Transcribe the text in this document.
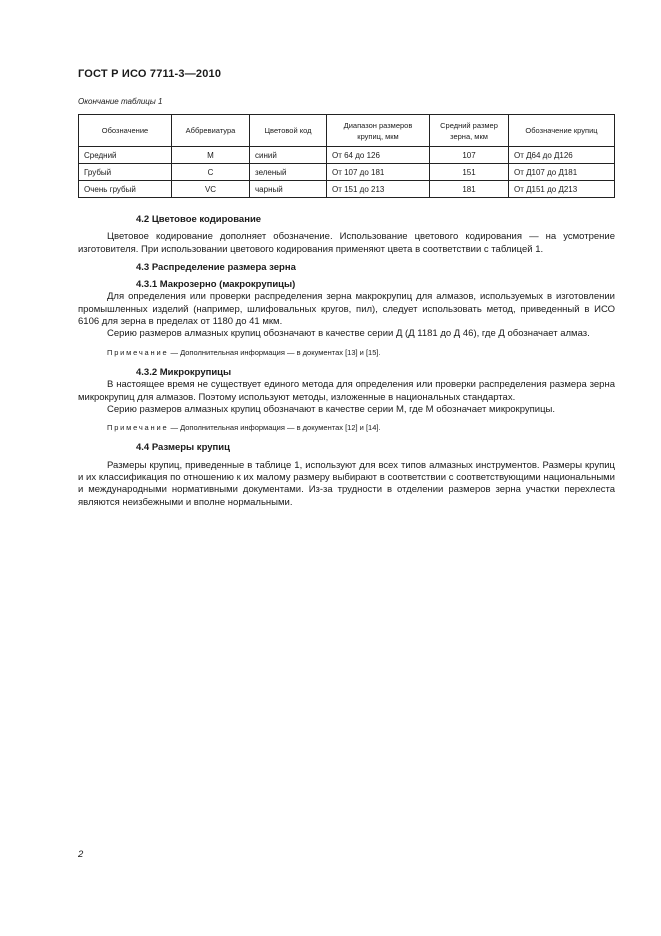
ГОСТ Р ИСО 7711-3—2010
Окончание таблицы 1
Обозначение	Аббревиатура	Цветовой код	Диапазон размеров крупиц, мкм	Средний размер зерна, мкм	Обозначение крупиц
Средний	M	синий	От 64 до 126	107	От Д64 до Д126
Грубый	C	зеленый	От 107 до 181	151	От Д107 до Д181
Очень грубый	VC	чарный	От 151 до 213	181	От Д151 до Д213

4.2 Цветовое кодирование

Цветовое кодирование дополняет обозначение. Использование цветового кодирования — на усмотрение изготовителя. При использовании цветового кодирования применяют цвета в соответствии с таблицей 1.

4.3 Распределение размера зерна

4.3.1 Макрозерно (макрокрупицы)

Для определения или проверки распределения зерна макрокрупиц для алмазов, используемых в изготовлении промышленных изделий (например, шлифовальных кругов, пил), следует использовать метод, приведенный в ИСО 6106 для зерна в пределах от 1180 до 41 мкм.

Серию размеров алмазных крупиц обозначают в качестве серии Д (Д 1181 до Д 46), где Д обозначает алмаз.

Примечание — Дополнительная информация — в документах [13] и [15].

4.3.2 Микрокрупицы

В настоящее время не существует единого метода для определения или проверки распределения размера зерна микрокрупиц для алмазов. Поэтому используют методы, изложенные в национальных стандартах.

Серию размеров алмазных крупиц обозначают в качестве серии М, где М обозначает микрокрупицы.

Примечание — Дополнительная информация — в документах [12] и [14].

4.4 Размеры крупиц

Размеры крупиц, приведенные в таблице 1, используют для всех типов алмазных инструментов. Размеры крупиц и их классификация по отношению к их малому размеру выбирают в соответствии с соответствующими национальными и международными нормативными документами. Из-за трудности в отделении размеров зерна участки перехлеста являются неизбежными и вполне нормальными.

2
